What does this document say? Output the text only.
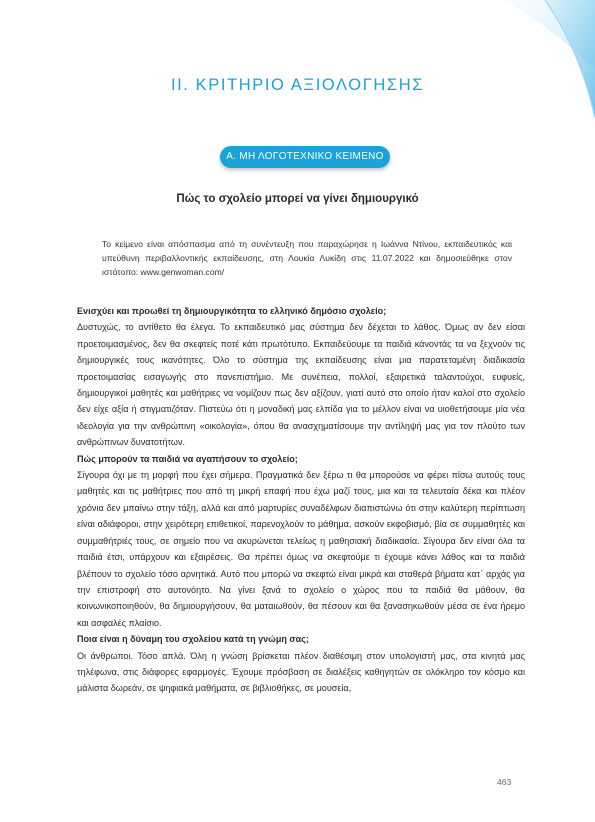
ΙΙ. ΚΡΙΤΗΡΙΟ ΑΞΙΟΛΟΓΗΣΗΣ
Α. ΜΗ ΛΟΓΟΤΕΧΝΙΚΟ ΚΕΙΜΕΝΟ
Πώς το σχολείο μπορεί να γίνει δημιουργικό
Το κείμενο είναι απόσπασμα από τη συνέντευξη που παραχώρησε η Ιωάννα Ντίνου, εκπαιδευτικός και υπεύθυνη περιβαλλοντικής εκπαίδευσης, στη Λουκία Λυκίδη στις 11.07.2022 και δημοσιεύθηκε στον ιστότοπο: www.genwoman.com/

Ενισχύει και προωθεί τη δημιουργικότητα το ελληνικό δημόσιο σχολείο;

Δυστυχώς, το αντίθετο θα έλεγα. Το εκπαιδευτικό μας σύστημα δεν δέχεται το λάθος. Όμως αν δεν είσαι προετοιμασμένος, δεν θα σκεφτείς ποτέ κάτι πρωτότυπο. Εκπαιδεύουμε τα παιδιά κάνοντάς τα να ξεχνούν τις δημιουργικές τους ικανότητες. Όλο το σύστημα της εκπαίδευσης είναι μια παρατεταμένη διαδικασία προετοιμασίας εισαγωγής στο πανεπιστήμιο. Με συνέπεια, πολλοί, εξαιρετικά ταλαντούχοι, ευφυείς, δημιουργικοί μαθητές και μαθήτριες να νομίζουν πως δεν αξίζουν, γιατί αυτό στο οποίο ήταν καλοί στο σχολείο δεν είχε αξία ή στιγματιζόταν. Πιστεύω ότι η μοναδική μας ελπίδα για το μέλλον είναι να υιοθετήσουμε μία νέα ιδεολογία για την ανθρώπινη «οικολογία», όπου θα ανασχηματίσουμε την αντίληψή μας για τον πλούτο των ανθρώπινων δυνατοτήτων.

Πώς μπορούν τα παιδιά να αγαπήσουν το σχολείο;

Σίγουρα όχι με τη μορφή που έχει σήμερα. Πραγματικά δεν ξέρω τι θα μπορούσε να φέρει πίσω αυτούς τους μαθητές και τις μαθήτριες που από τη μικρή επαφή που έχω μαζί τους, μια και τα τελευταία δέκα και πλέον χρόνια δεν μπαίνω στην τάξη, αλλά και από μαρτυρίες συναδέλφων διαπιστώνω ότι στην καλύτερη περίπτωση είναι αδιάφοροι, στην χειρότερη επιθετικοί, παρενοχλούν το μάθημα, ασκούν εκφοβισμό, βία σε συμμαθητές και συμμαθήτριές τους, σε σημείο που να ακυρώνεται τελείως η μαθησιακή διαδικασία. Σίγουρα δεν είναι όλα τα παιδιά έτσι, υπάρχουν και εξαιρέσεις. Θα πρέπει όμως να σκεφτούμε τι έχουμε κάνει λάθος και τα παιδιά βλέπουν το σχολείο τόσο αρνητικά. Αυτό που μπορώ να σκεφτώ είναι μικρά και σταθερά βήματα κατ᾽ αρχάς για την επιστροφή στο αυτονόητο. Να γίνει ξανά το σχολείο ο χώρος που τα παιδιά θα μάθουν, θα κοινωνικοποιηθούν, θα δημιουργήσουν, θα ματαιωθούν, θα πέσουν και θα ξανασηκωθούν μέσα σε ένα ήρεμο και ασφαλές πλαίσιο.

Ποια είναι η δύναμη του σχολείου κατά τη γνώμη σας;

Οι άνθρωποι. Τόσο απλά. Όλη η γνώση βρίσκεται πλέον διαθέσιμη στον υπολογιστή μας, στα κινητά μας τηλέφωνα, στις διάφορες εφαρμογές. Έχουμε πρόσβαση σε διαλέξεις καθηγητών σε ολόκληρο τον κόσμο και μάλιστα δωρεάν, σε ψηφιακά μαθήματα, σε βιβλιοθήκες, σε μουσεία,

463
